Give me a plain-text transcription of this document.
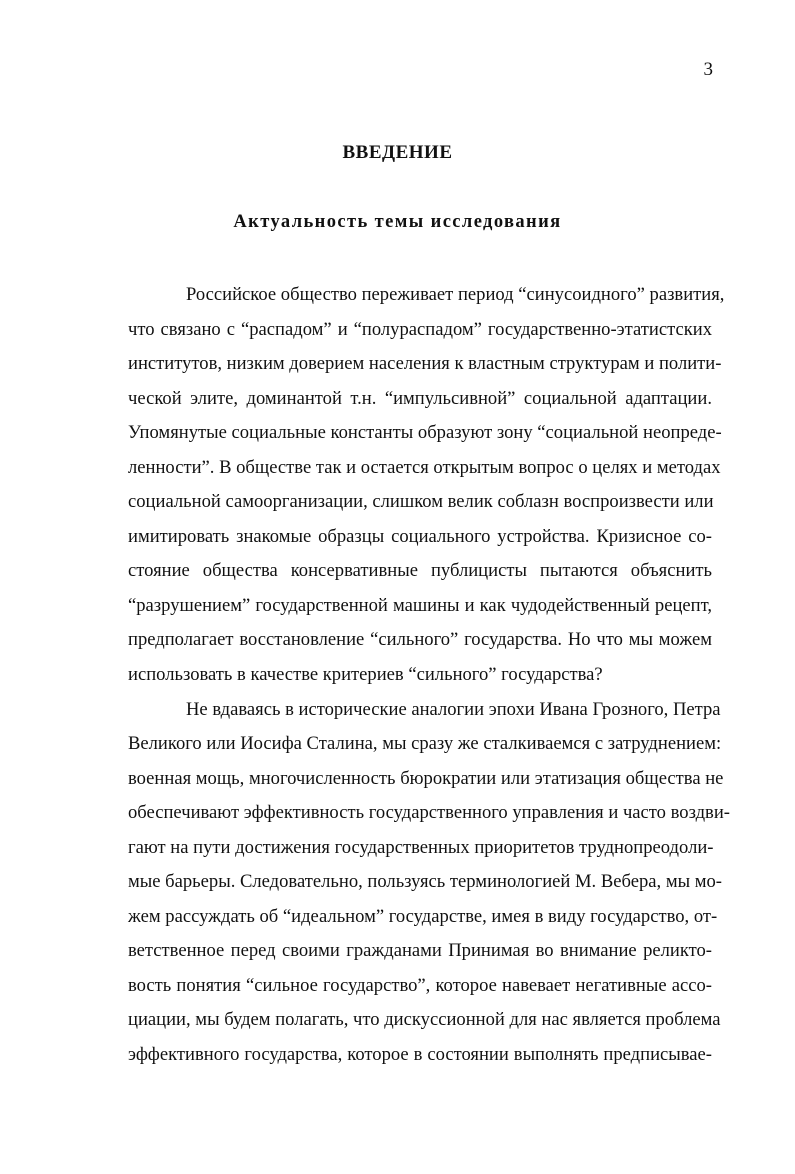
3
ВВЕДЕНИЕ
Актуальность темы исследования
Российское общество переживает период “синусоидного” развития,
что связано с “распадом” и “полураспадом” государственно-этатистских
институтов, низким доверием населения к властным структурам и полити-
ческой элите, доминантой т.н. “импульсивной” социальной адаптации.
Упомянутые социальные константы образуют зону “социальной неопреде-
ленности”. В обществе так и остается открытым вопрос о целях и методах
социальной самоорганизации, слишком велик соблазн воспроизвести или
имитировать знакомые образцы социального устройства. Кризисное со-
стояние общества консервативные публицисты пытаются объяснить
“разрушением” государственной машины и как чудодейственный рецепт,
предполагает восстановление “сильного” государства. Но что мы можем
использовать в качестве критериев “сильного” государства?
Не вдаваясь в исторические аналогии эпохи Ивана Грозного, Петра
Великого или Иосифа Сталина, мы сразу же сталкиваемся с затруднением:
военная мощь, многочисленность бюрократии или этатизация общества не
обеспечивают эффективность государственного управления и часто воздви-
гают на пути достижения государственных приоритетов труднопреодоли-
мые барьеры. Следовательно, пользуясь терминологией М. Вебера, мы мо-
жем рассуждать об “идеальном” государстве, имея в виду государство, от-
ветственное перед своими гражданами Принимая во внимание реликто-
вость понятия “сильное государство”, которое навевает негативные ассо-
циации, мы будем полагать, что дискуссионной для нас является проблема
эффективного государства, которое в состоянии выполнять предписывае-
